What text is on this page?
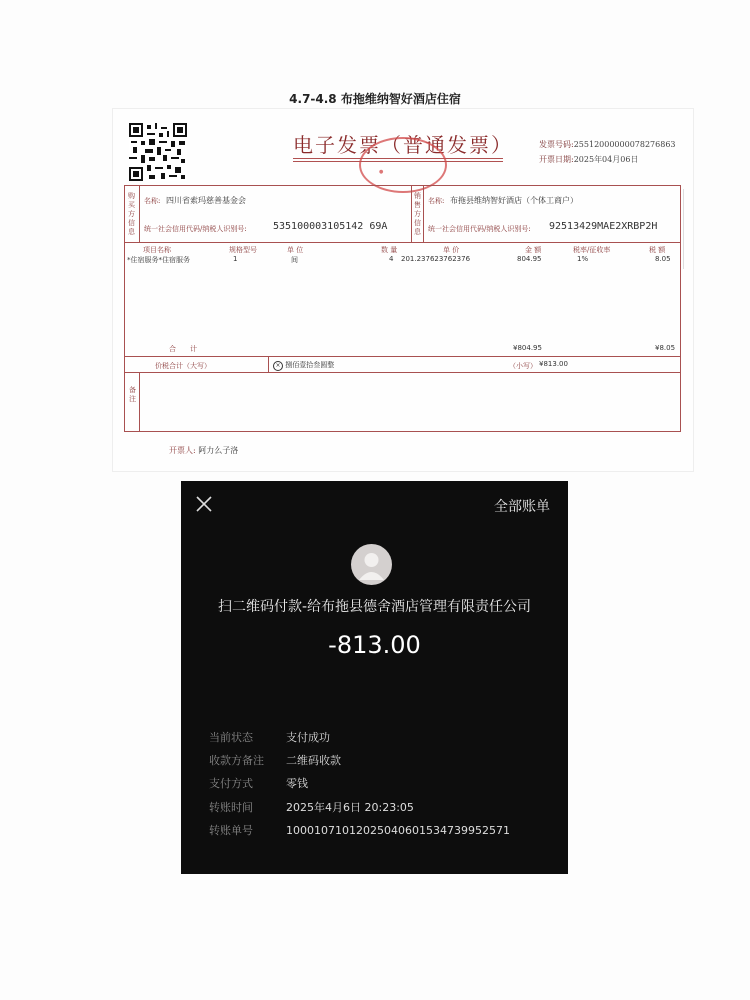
4.7-4.8 布拖维纳智好酒店住宿
电子发票（普通发票）
●
发票号码:25512000000078276863
开票日期:2025年04月06日
购买方信息
销售方信息
名称: 四川省索玛慈善基金会
统一社会信用代码/纳税人识别号:	535100003105142 69A
名称: 布拖县维纳智好酒店（个体工商户）
统一社会信用代码/纳税人识别号: 92513429MAE2XRBP2H
项目名称	规格型号	单 位	数 量	单 价	金 额	税率/征收率	税 额
*住宿服务*住宿服务	1	间	4 201.237623762376	804.95	1%	8.05
合　　计	¥804.95	¥8.05
价税合计（大写）	× 捌佰壹拾叁圆整	（小写） ¥813.00
备注
开票人: 阿力么子洛
全部账单
扫二维码付款-给布拖县德舍酒店管理有限责任公司
-813.00
当前状态	支付成功
收款方备注 二维码收款
支付方式	零钱
转账时间	2025年4月6日 20:23:05
转账单号	10001071012025040601534739952571
